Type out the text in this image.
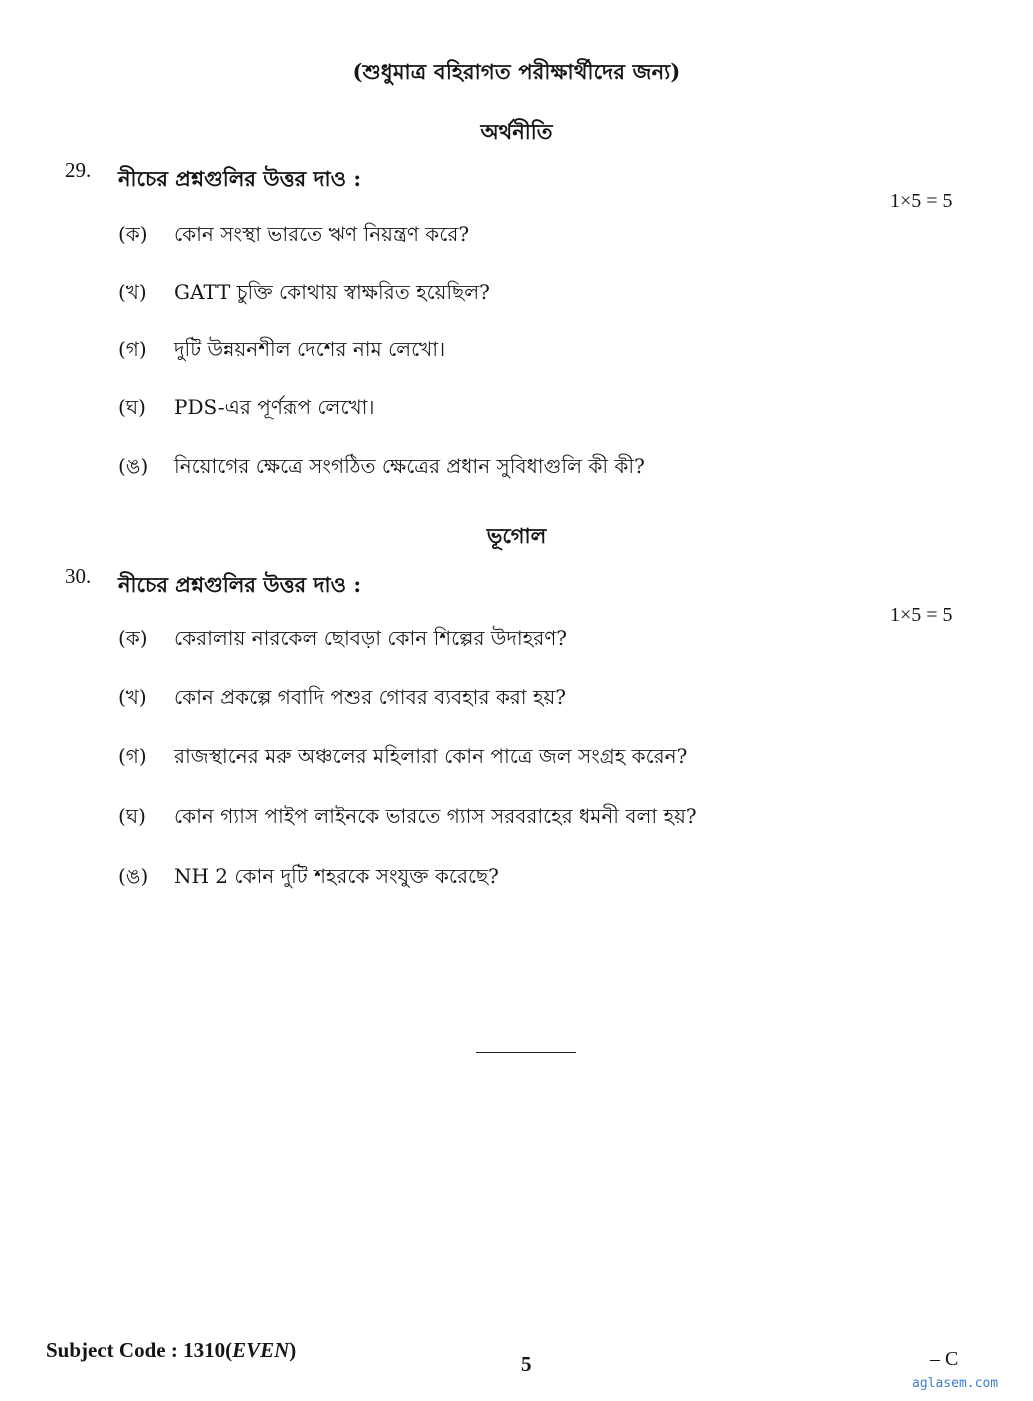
(শুধুমাত্র বহিরাগত পরীক্ষার্থীদের জন্য)
অর্থনীতি
29. নীচের প্রশ্নগুলির উত্তর দাও :
1×5 = 5
(ক) কোন সংস্থা ভারতে ঋণ নিয়ন্ত্রণ করে?
(খ) GATT চুক্তি কোথায় স্বাক্ষরিত হয়েছিল?
(গ) দুটি উন্নয়নশীল দেশের নাম লেখো।
(ঘ) PDS-এর পূর্ণরূপ লেখো।
(ঙ) নিয়োগের ক্ষেত্রে সংগঠিত ক্ষেত্রের প্রধান সুবিধাগুলি কী কী?
ভূগোল
30. নীচের প্রশ্নগুলির উত্তর দাও :
1×5 = 5
(ক) কেরালায় নারকেল ছোবড়া কোন শিল্পের উদাহরণ?
(খ) কোন প্রকল্পে গবাদি পশুর গোবর ব্যবহার করা হয়?
(গ) রাজস্থানের মরু অঞ্চলের মহিলারা কোন পাত্রে জল সংগ্রহ করেন?
(ঘ) কোন গ্যাস পাইপ লাইনকে ভারতে গ্যাস সরবরাহের ধমনী বলা হয়?
(ঙ) NH 2 কোন দুটি শহরকে সংযুক্ত করেছে?
Subject Code : 1310(EVEN)
5	– C
aglasem.com
